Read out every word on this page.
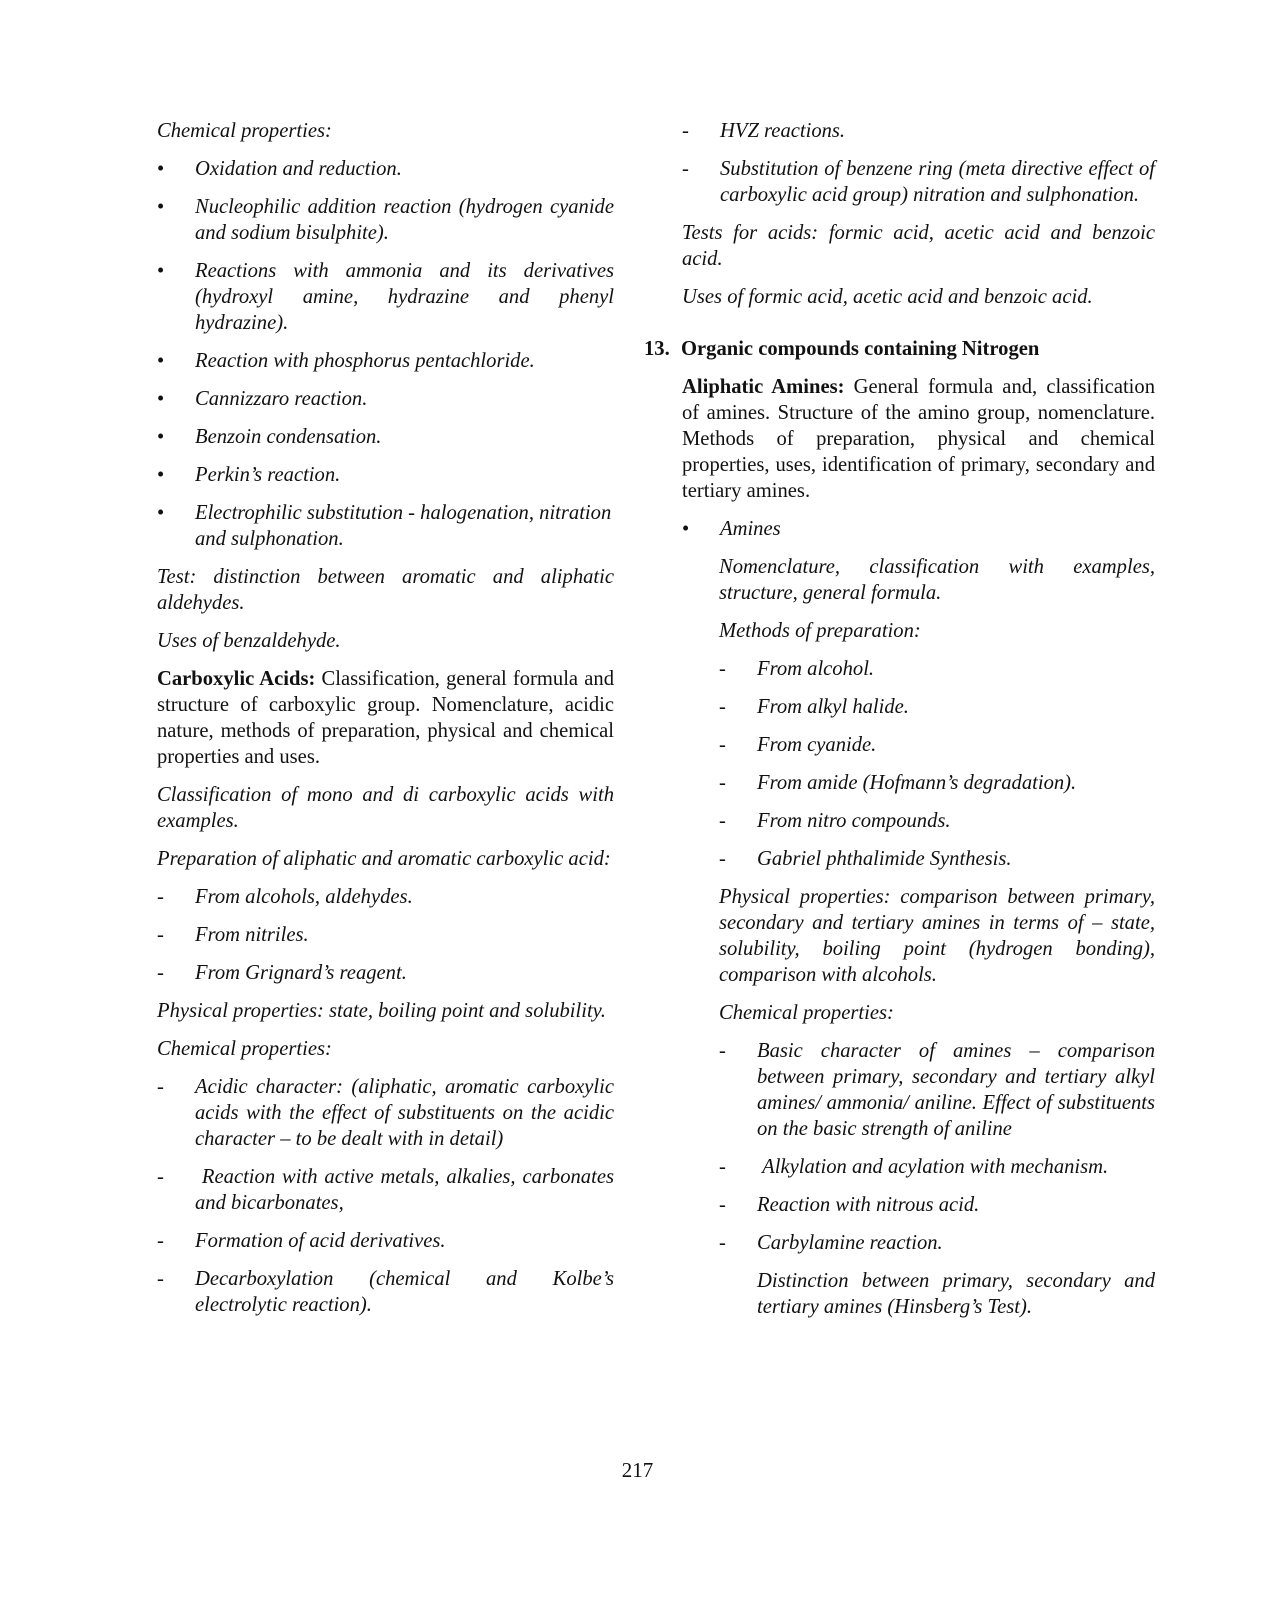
Chemical properties:

•	Oxidation and reduction.
•	Nucleophilic addition reaction (hydrogen cyanide and sodium bisulphite).
•	Reactions with ammonia and its derivatives (hydroxyl amine, hydrazine and phenyl hydrazine).
•	Reaction with phosphorus pentachloride.
•	Cannizzaro reaction.
•	Benzoin condensation.
•	Perkin’s reaction.
•	Electrophilic substitution - halogenation, nitration and sulphonation.

Test: distinction between aromatic and aliphatic aldehydes.

Uses of benzaldehyde.

Carboxylic Acids: Classification, general formula and structure of carboxylic group. Nomenclature, acidic nature, methods of preparation, physical and chemical properties and uses.

Classification of mono and di carboxylic acids with examples.

Preparation of aliphatic and aromatic carboxylic acid:

-	From alcohols, aldehydes.
-	From nitriles.
-	From Grignard’s reagent.

Physical properties: state, boiling point and solubility.

Chemical properties:

-	Acidic character: (aliphatic, aromatic carboxylic acids with the effect of substituents on the acidic character – to be dealt with in detail)
-	Reaction with active metals, alkalies, carbonates and bicarbonates,
-	Formation of acid derivatives.
-	Decarboxylation (chemical and Kolbe’s electrolytic reaction).
-	HVZ reactions.
-	Substitution of benzene ring (meta directive effect of carboxylic acid group) nitration and sulphonation.

Tests for acids: formic acid, acetic acid and benzoic acid.

Uses of formic acid, acetic acid and benzoic acid.

13. Organic compounds containing Nitrogen

Aliphatic Amines: General formula and, classification of amines. Structure of the amino group, nomenclature. Methods of preparation, physical and chemical properties, uses, identification of primary, secondary and tertiary amines.

•	Amines

Nomenclature, classification with examples, structure, general formula.

Methods of preparation:

-	From alcohol.
-	From alkyl halide.
-	From cyanide.
-	From amide (Hofmann’s degradation).
-	From nitro compounds.
-	Gabriel phthalimide Synthesis.

Physical properties: comparison between primary, secondary and tertiary amines in terms of – state, solubility, boiling point (hydrogen bonding), comparison with alcohols.

Chemical properties:

-	Basic character of amines – comparison between primary, secondary and tertiary alkyl amines/ ammonia/ aniline. Effect of substituents on the basic strength of aniline
-	Alkylation and acylation with mechanism.
-	Reaction with nitrous acid.
-	Carbylamine reaction.

Distinction between primary, secondary and tertiary amines (Hinsberg’s Test).

217
